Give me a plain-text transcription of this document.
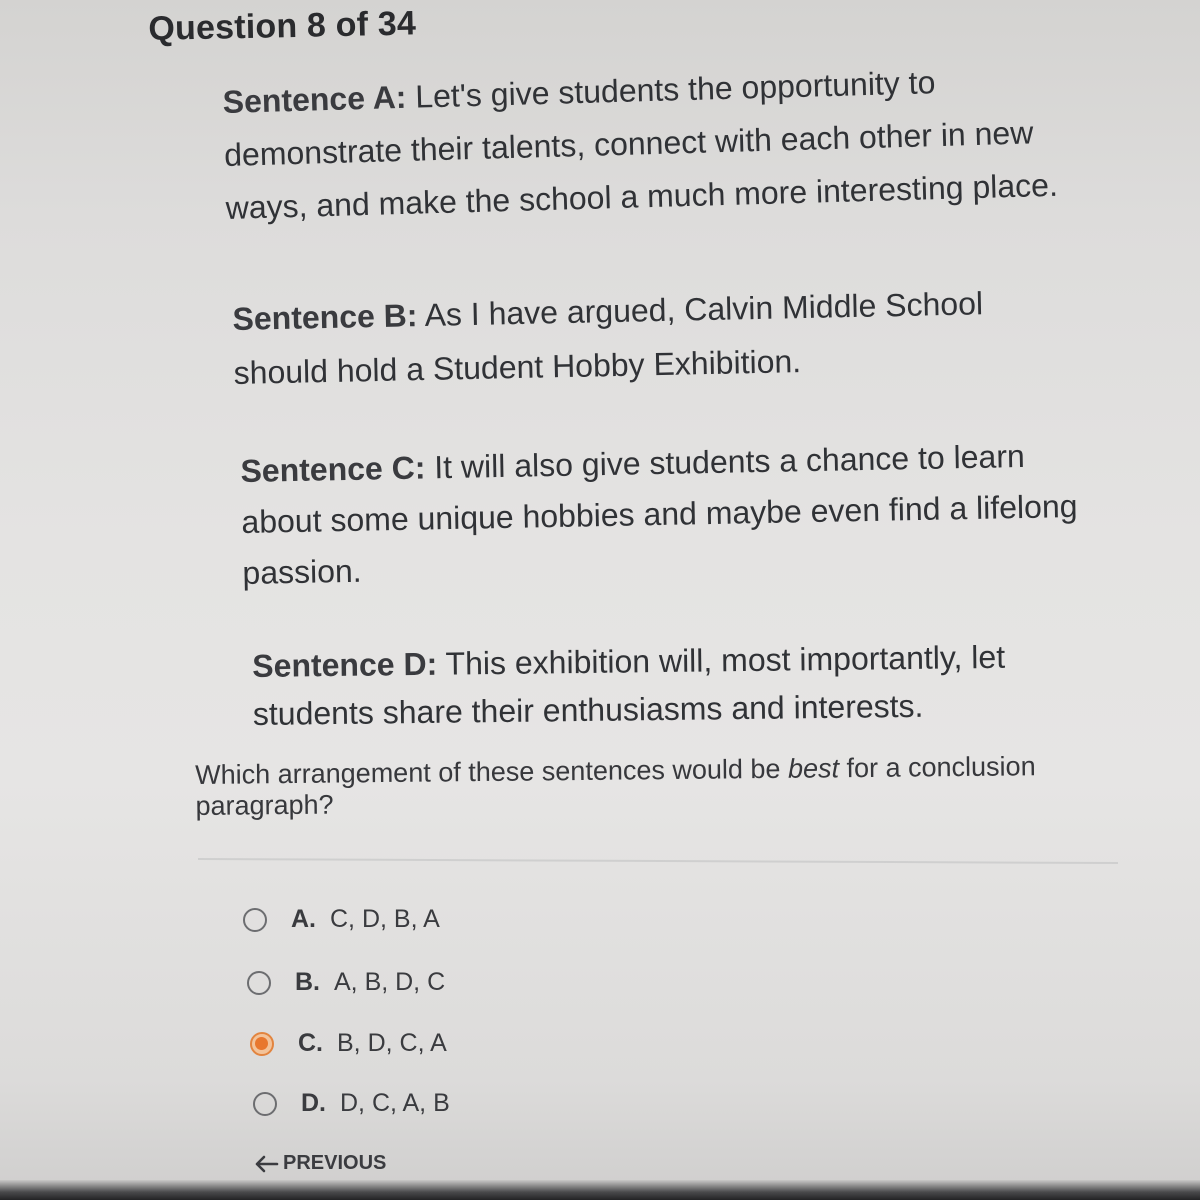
Question 8 of 34
Sentence A: Let's give students the opportunity to demonstrate their talents, connect with each other in new ways, and make the school a much more interesting place.
Sentence B: As I have argued, Calvin Middle School should hold a Student Hobby Exhibition.
Sentence C: It will also give students a chance to learn about some unique hobbies and maybe even find a lifelong passion.
Sentence D: This exhibition will, most importantly, let students share their enthusiasms and interests.
Which arrangement of these sentences would be best for a conclusion paragraph?
A. C, D, B, A
B. A, B, D, C
C. B, D, C, A
D. D, C, A, B
PREVIOUS
